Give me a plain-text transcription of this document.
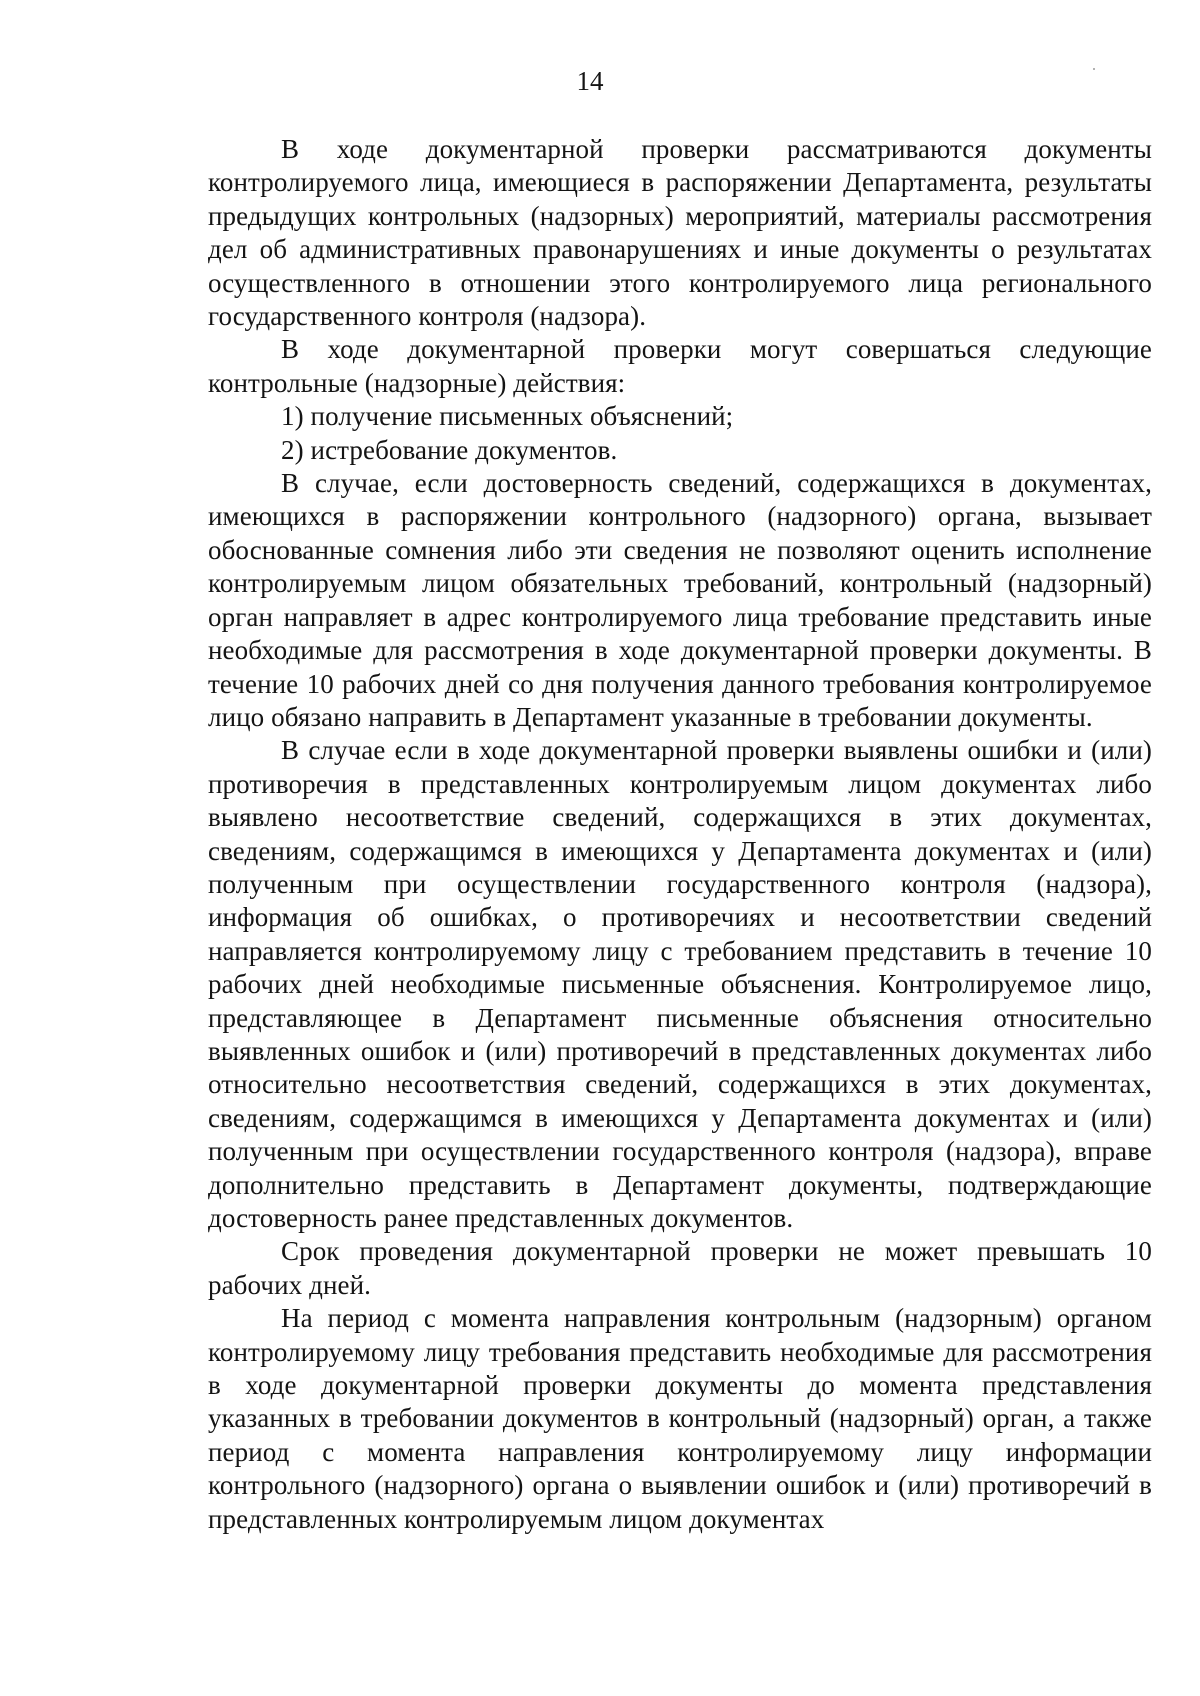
14

В ходе документарной проверки рассматриваются документы контролируемого лица, имеющиеся в распоряжении Департамента, результаты предыдущих контрольных (надзорных) мероприятий, материалы рассмотрения дел об административных правонарушениях и иные документы о результатах осуществленного в отношении этого контролируемого лица регионального государственного контроля (надзора).

В ходе документарной проверки могут совершаться следующие контрольные (надзорные) действия:

1) получение письменных объяснений;

2) истребование документов.

В случае, если достоверность сведений, содержащихся в документах, имеющихся в распоряжении контрольного (надзорного) органа, вызывает обоснованные сомнения либо эти сведения не позволяют оценить исполнение контролируемым лицом обязательных требований, контрольный (надзорный) орган направляет в адрес контролируемого лица требование представить иные необходимые для рассмотрения в ходе документарной проверки документы. В течение 10 рабочих дней со дня получения данного требования контролируемое лицо обязано направить в Департамент указанные в требовании документы.

В случае если в ходе документарной проверки выявлены ошибки и (или) противоречия в представленных контролируемым лицом документах либо выявлено несоответствие сведений, содержащихся в этих документах, сведениям, содержащимся в имеющихся у Департамента документах и (или) полученным при осуществлении государственного контроля (надзора), информация об ошибках, о противоречиях и несоответствии сведений направляется контролируемому лицу с требованием представить в течение 10 рабочих дней необходимые письменные объяснения. Контролируемое лицо, представляющее в Департамент письменные объяснения относительно выявленных ошибок и (или) противоречий в представленных документах либо относительно несоответствия сведений, содержащихся в этих документах, сведениям, содержащимся в имеющихся у Департамента документах и (или) полученным при осуществлении государственного контроля (надзора), вправе дополнительно представить в Департамент документы, подтверждающие достоверность ранее представленных документов.

Срок проведения документарной проверки не может превышать 10 рабочих дней.

На период с момента направления контрольным (надзорным) органом контролируемому лицу требования представить необходимые для рассмотрения в ходе документарной проверки документы до момента представления указанных в требовании документов в контрольный (надзорный) орган, а также период с момента направления контролируемому лицу информации контрольного (надзорного) органа о выявлении ошибок и (или) противоречий в представленных контролируемым лицом документах
